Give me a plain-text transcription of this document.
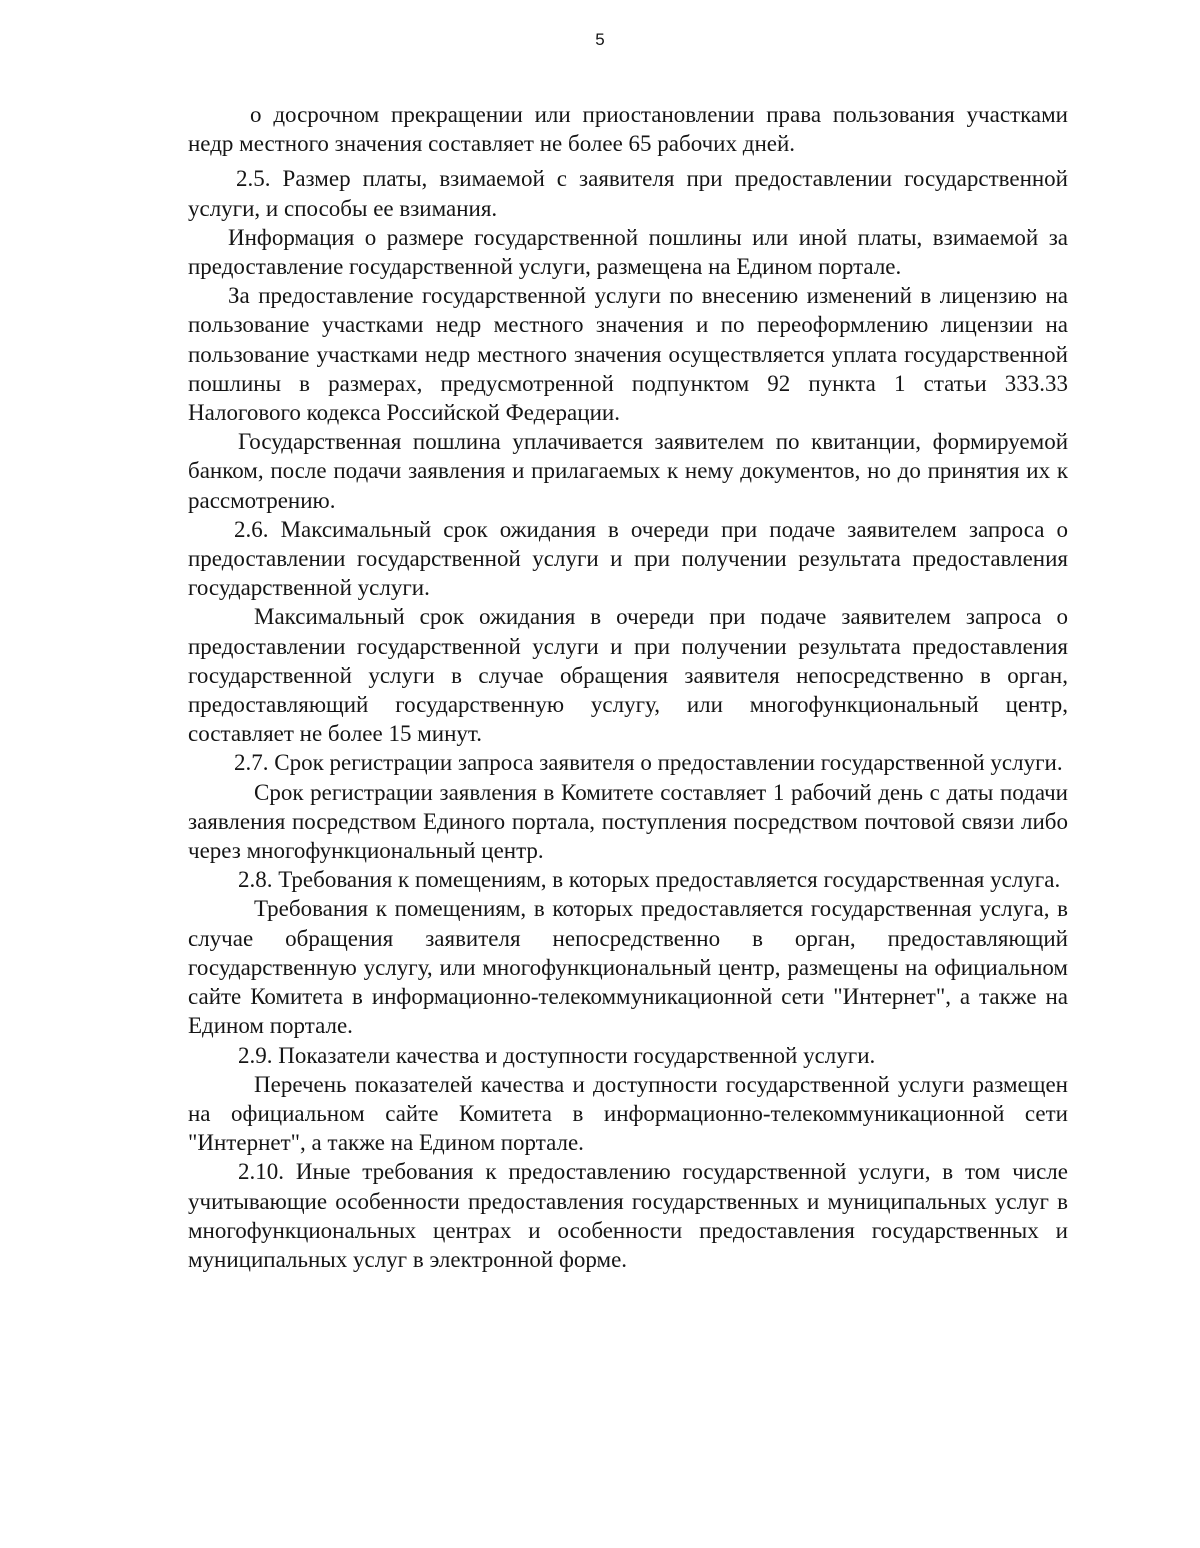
5

о досрочном прекращении или приостановлении права пользования участками недр местного значения составляет не более 65 рабочих дней.

2.5. Размер платы, взимаемой с заявителя при предоставлении государственной услуги, и способы ее взимания.

Информация о размере государственной пошлины или иной платы, взимаемой за предоставление государственной услуги, размещена на Едином портале.

За предоставление государственной услуги по внесению изменений в лицензию на пользование участками недр местного значения и по переоформлению лицензии на пользование участками недр местного значения осуществляется уплата государственной пошлины в размерах, предусмотренной подпунктом 92 пункта 1 статьи 333.33 Налогового кодекса Российской Федерации.

Государственная пошлина уплачивается заявителем по квитанции, формируемой банком, после подачи заявления и прилагаемых к нему документов, но до принятия их к рассмотрению.

2.6. Максимальный срок ожидания в очереди при подаче заявителем запроса о предоставлении государственной услуги и при получении результата предоставления государственной услуги.

Максимальный срок ожидания в очереди при подаче заявителем запроса о предоставлении государственной услуги и при получении результата предоставления государственной услуги в случае обращения заявителя непосредственно в орган, предоставляющий государственную услугу, или многофункциональный центр, составляет не более 15 минут.

2.7. Срок регистрации запроса заявителя о предоставлении государственной услуги.

Срок регистрации заявления в Комитете составляет 1 рабочий день с даты подачи заявления посредством Единого портала, поступления посредством почтовой связи либо через многофункциональный центр.

2.8. Требования к помещениям, в которых предоставляется государственная услуга.

Требования к помещениям, в которых предоставляется государственная услуга, в случае обращения заявителя непосредственно в орган, предоставляющий государственную услугу, или многофункциональный центр, размещены на официальном сайте Комитета в информационно-телекоммуникационной сети "Интернет", а также на Едином портале.

2.9. Показатели качества и доступности государственной услуги.

Перечень показателей качества и доступности государственной услуги размещен на официальном сайте Комитета в информационно-телекоммуникационной сети "Интернет", а также на Едином портале.

2.10. Иные требования к предоставлению государственной услуги, в том числе учитывающие особенности предоставления государственных и муниципальных услуг в многофункциональных центрах и особенности предоставления государственных и муниципальных услуг в электронной форме.
